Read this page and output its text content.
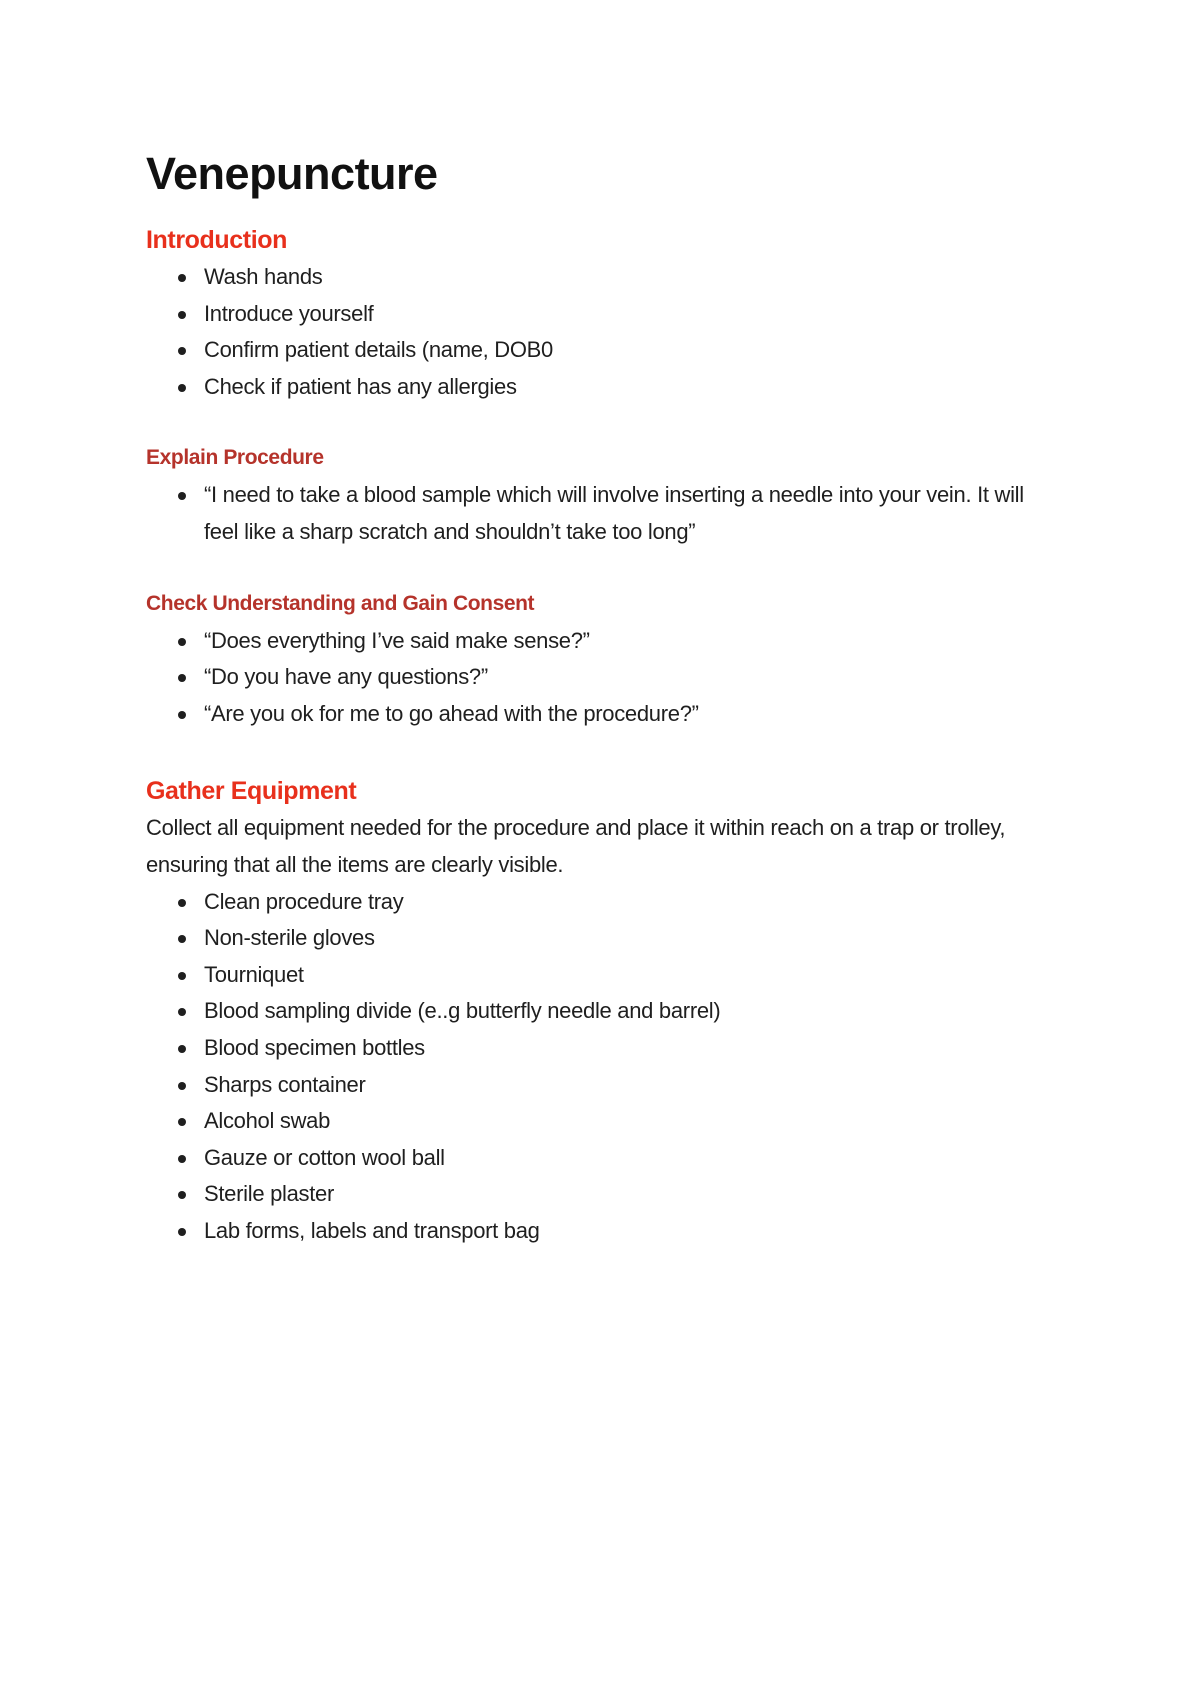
Venepuncture
Introduction
Wash hands
Introduce yourself
Confirm patient details (name, DOB0
Check if patient has any allergies
Explain Procedure
“I need to take a blood sample which will involve inserting a needle into your vein. It will feel like a sharp scratch and shouldn’t take too long”
Check Understanding and Gain Consent
“Does everything I’ve said make sense?”
“Do you have any questions?”
“Are you ok for me to go ahead with the procedure?”
Gather Equipment

Collect all equipment needed for the procedure and place it within reach on a trap or trolley, ensuring that all the items are clearly visible.

Clean procedure tray
Non-sterile gloves
Tourniquet
Blood sampling divide (e..g butterfly needle and barrel)
Blood specimen bottles
Sharps container
Alcohol swab
Gauze or cotton wool ball
Sterile plaster
Lab forms, labels and transport bag
